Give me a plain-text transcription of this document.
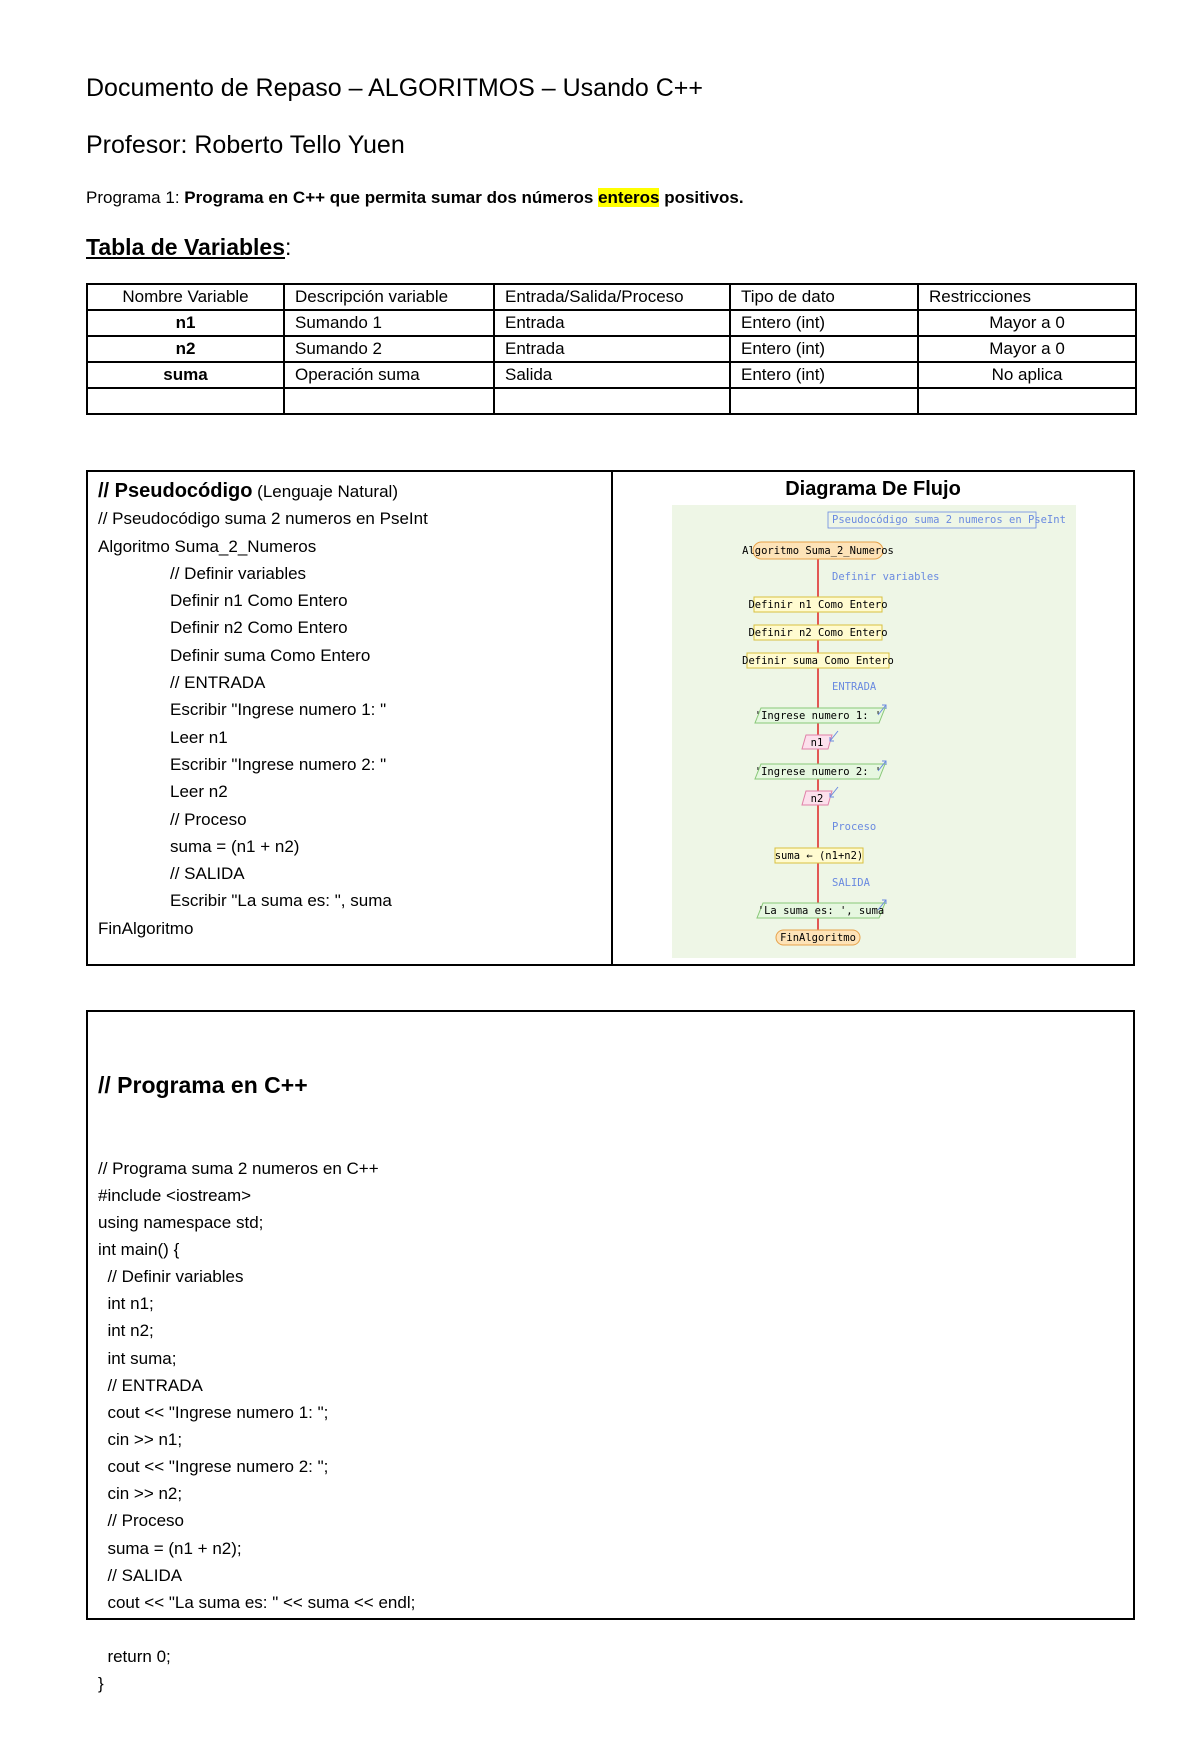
Documento de Repaso – ALGORITMOS – Usando C++
Profesor: Roberto Tello Yuen
Programa 1: Programa en C++ que permita sumar dos números enteros positivos.
Tabla de Variables:
Nombre Variable	Descripción variable	Entrada/Salida/Proceso	Tipo de dato	Restricciones
n1	Sumando 1	Entrada	Entero (int)	Mayor a 0
n2	Sumando 2	Entrada	Entero (int)	Mayor a 0
suma	Operación suma	Salida	Entero (int)	No aplica

// Pseudocódigo (Lenguaje Natural)
// Pseudocódigo suma 2 numeros en PseInt
Algoritmo Suma_2_Numeros
// Definir variables
Definir n1 Como Entero
Definir n2 Como Entero
Definir suma Como Entero
// ENTRADA
Escribir "Ingrese numero 1: "
Leer n1
Escribir "Ingrese numero 2: "
Leer n2
// Proceso
suma = (n1 + n2)
// SALIDA
Escribir "La suma es: ", suma
FinAlgoritmo
Diagrama De Flujo
Pseudocódigo suma 2 numeros en PseInt
Algoritmo Suma_2_Numeros
Definir variables
Definir n1 Como Entero
Definir n2 Como Entero
Definir suma Como Entero
ENTRADA
'Ingrese numero 1: '
n1
'Ingrese numero 2: '
n2
Proceso
suma ← (n1+n2)
SALIDA
'La suma es: ', suma
FinAlgoritmo

// Programa en C++

// Programa suma 2 numeros en C++
#include <iostream>
using namespace std;
int main() {
// Definir variables
int n1;
int n2;
int suma;
// ENTRADA
cout << "Ingrese numero 1: ";
cin >> n1;
cout << "Ingrese numero 2: ";
cin >> n2;
// Proceso
suma = (n1 + n2);
// SALIDA
cout << "La suma es: " << suma << endl;
return 0;
}
